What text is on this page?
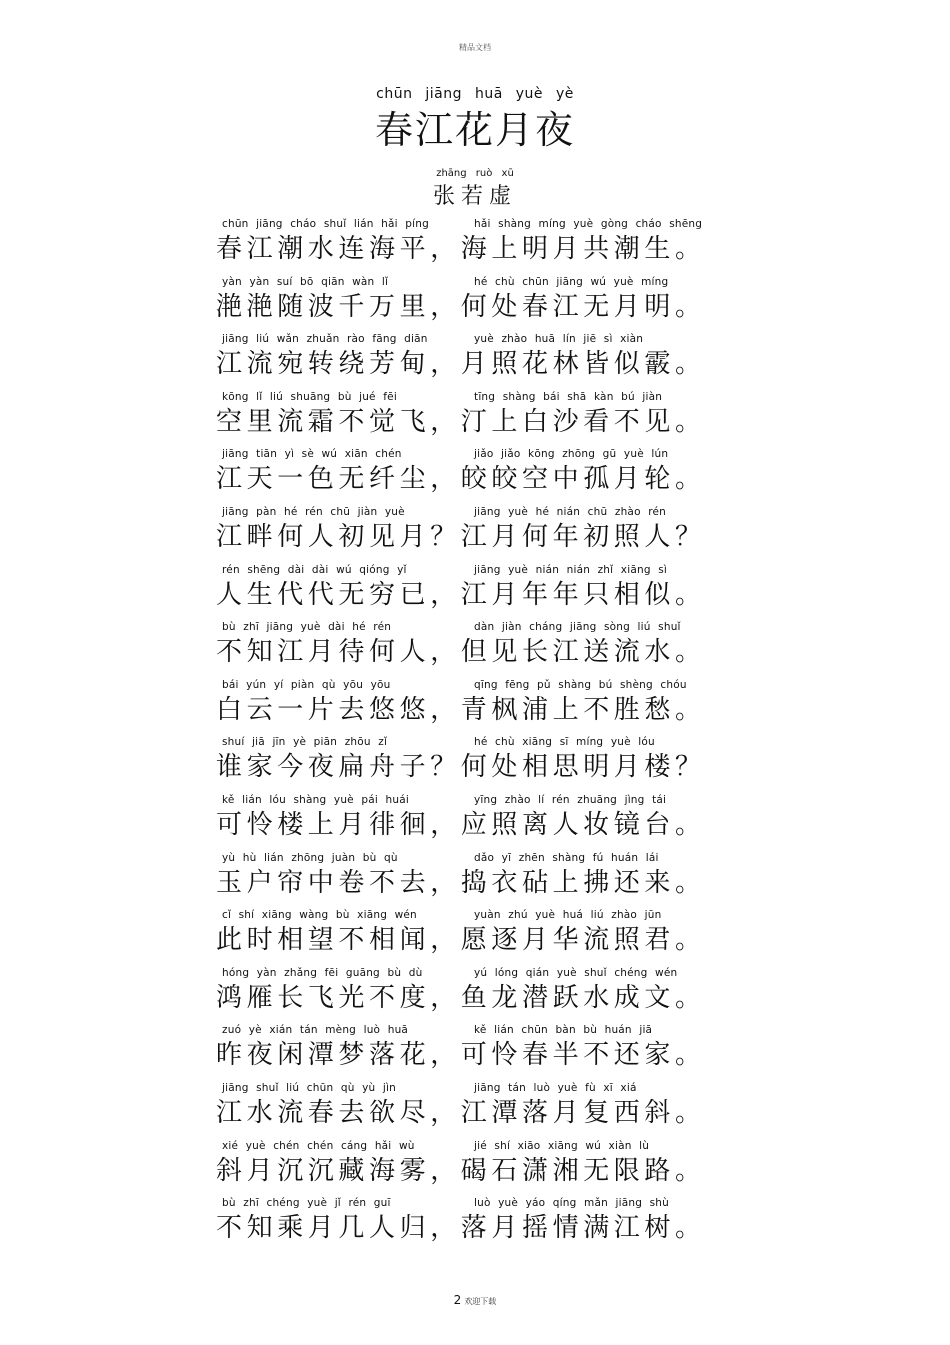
精品文档
chūn jiāng huā yuè yè
春江花月夜
zhāng ruò xū
张若虚
chūn jiāng cháo shuǐ lián hǎi píng	hǎi shàng míng yuè gòng cháo shēng
春江潮水连海平，海上明月共潮生。
yàn yàn suí bō qiān wàn lǐ	hé chù chūn jiāng wú yuè míng
滟滟随波千万里，何处春江无月明。
jiāng liú wǎn zhuǎn rào fāng diān	yuè zhào huā lín jiē sì xiàn
江流宛转绕芳甸，月照花林皆似霰。
kōng lǐ liú shuāng bù jué fēi	tīng shàng bái shā kàn bú jiàn
空里流霜不觉飞，汀上白沙看不见。
jiāng tiān yì sè wú xiān chén	jiǎo jiǎo kōng zhōng gū yuè lún
江天一色无纤尘，皎皎空中孤月轮。
jiāng pàn hé rén chū jiàn yuè	jiāng yuè hé nián chū zhào rén
江畔何人初见月？江月何年初照人？
rén shēng dài dài wú qióng yǐ	jiāng yuè nián nián zhǐ xiāng sì
人生代代无穷已，江月年年只相似。
bù zhī jiāng yuè dài hé rén	dàn jiàn cháng jiāng sòng liú shuǐ
不知江月待何人，但见长江送流水。
bái yún yí piàn qù yōu yōu	qīng fēng pǔ shàng bú shèng chóu
白云一片去悠悠，青枫浦上不胜愁。
shuí jiā jīn yè piān zhōu zǐ	hé chù xiāng sī míng yuè lóu
谁家今夜扁舟子？何处相思明月楼？
kě lián lóu shàng yuè pái huái	yīng zhào lí rén zhuāng jìng tái
可怜楼上月徘徊，应照离人妆镜台。
yù hù lián zhōng juàn bù qù	dǎo yī zhēn shàng fú huán lái
玉户帘中卷不去，捣衣砧上拂还来。
cǐ shí xiāng wàng bù xiāng wén	yuàn zhú yuè huá liú zhào jūn
此时相望不相闻，愿逐月华流照君。
hóng yàn zhǎng fēi guāng bù dù	yú lóng qián yuè shuǐ chéng wén
鸿雁长飞光不度，鱼龙潜跃水成文。
zuó yè xián tán mèng luò huā	kě lián chūn bàn bù huán jiā
昨夜闲潭梦落花，可怜春半不还家。
jiāng shuǐ liú chūn qù yù jìn	jiāng tán luò yuè fù xī xiá
江水流春去欲尽，江潭落月复西斜。
xié yuè chén chén cáng hǎi wù	jié shí xiāo xiāng wú xiàn lù
斜月沉沉藏海雾，碣石潇湘无限路。
bù zhī chéng yuè jǐ rén guī	luò yuè yáo qíng mǎn jiāng shù
不知乘月几人归，落月摇情满江树。
2 欢迎下载
